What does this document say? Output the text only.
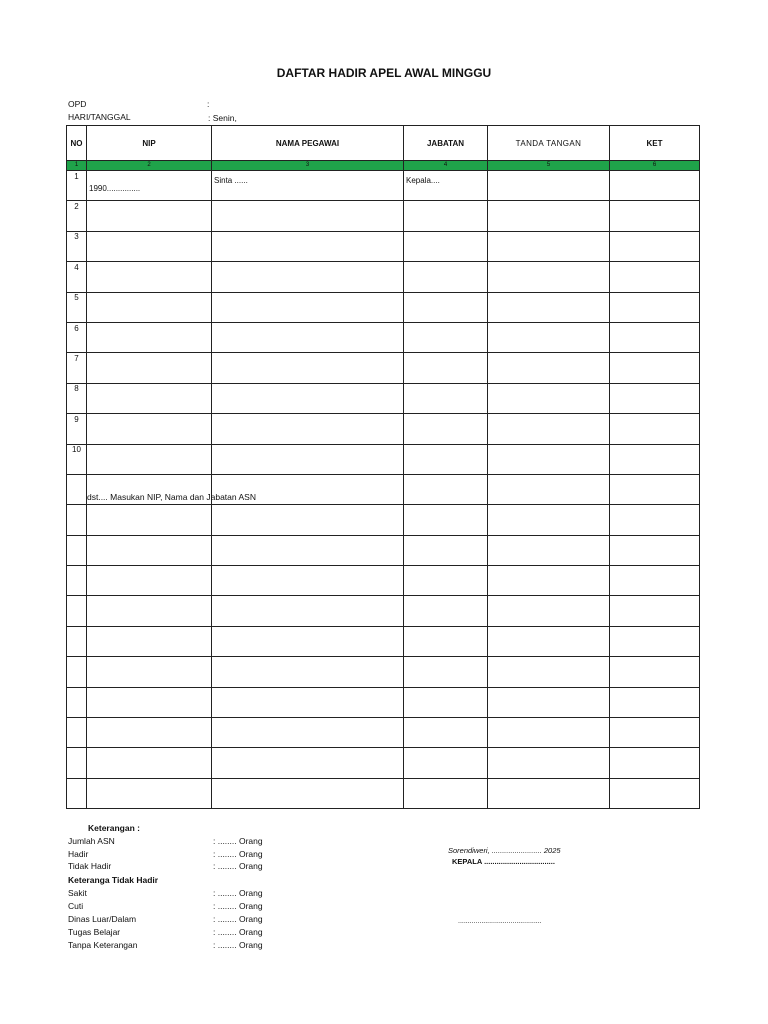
DAFTAR HADIR APEL AWAL MINGGU
OPD	:
HARI/TANGGAL	: Senin,
NO	NIP	NAMA PEGAWAI	JABATAN	TANDA TANGAN	KET
1	2	3	4	5	6

1	1990...............	Sinta ......	Kepala....		

2					

3					

4					

5					

6					

7					

8					

9					

10					

dst.... Masukan NIP, Nama dan Jabatan ASN
Keterangan :
Jumlah ASN	: ........ Orang
Hadir	: ........ Orang
Tidak Hadir	: ........ Orang
Keteranga Tidak Hadir
Sakit	: ........ Orang
Cuti	: ........ Orang
Dinas Luar/Dalam	: ........ Orang
Tugas Belajar	: ........ Orang
Tanpa Keterangan	: ........ Orang
Sorendiweri, ........................ 2025
KEPALA ..................................
...........................................
